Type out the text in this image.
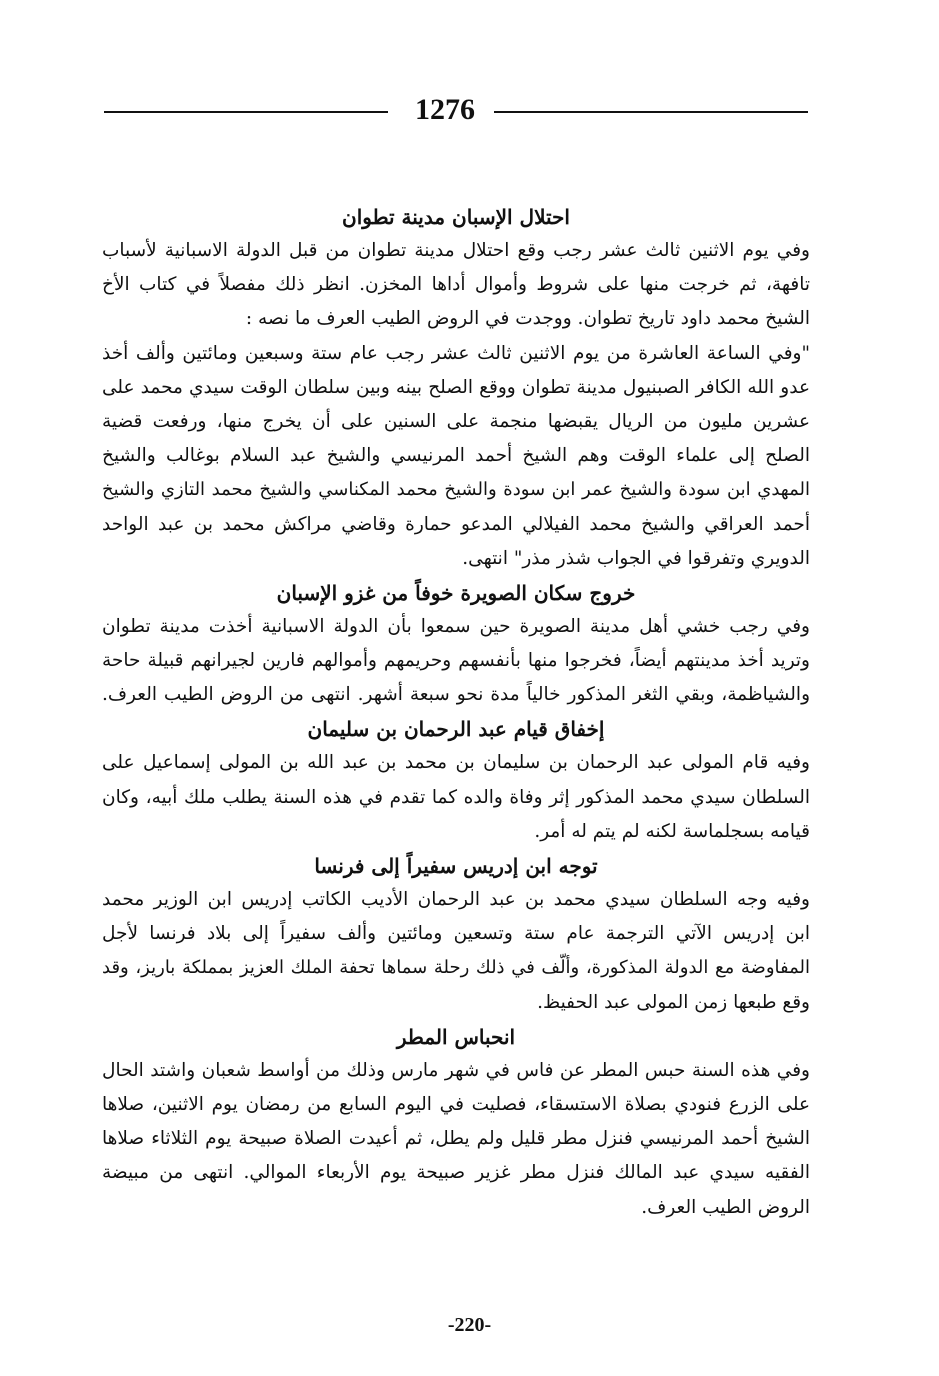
1276
احتلال الإسبان مدينة تطوان

وفي يوم الاثنين ثالث عشر رجب وقع احتلال مدينة تطوان من قبل الدولة الاسبانية لأسباب

تافهة، ثم خرجت منها على شروط وأموال أداها المخزن. انظر ذلك مفصلاً في كتاب الأخ

الشيخ محمد داود تاريخ تطوان. ووجدت في الروض الطيب العرف ما نصه :

"وفي الساعة العاشرة من يوم الاثنين ثالث عشر رجب عام ستة وسبعين ومائتين وألف أخذ

عدو الله الكافر الصبنيول مدينة تطوان ووقع الصلح بينه وبين سلطان الوقت سيدي محمد على

عشرين مليون من الريال يقبضها منجمة على السنين على أن يخرج منها، ورفعت قضية

الصلح إلى علماء الوقت وهم الشيخ أحمد المرنيسي والشيخ عبد السلام بوغالب والشيخ

المهدي ابن سودة والشيخ عمر ابن سودة والشيخ محمد المكناسي والشيخ محمد التازي والشيخ

أحمد العراقي والشيخ محمد الفيلالي المدعو حمارة وقاضي مراكش محمد بن عبد الواحد

الدويري وتفرقوا في الجواب شذر مذر" انتهى.

خروج سكان الصويرة خوفاً من غزو الإسبان

وفي رجب خشي أهل مدينة الصويرة حين سمعوا بأن الدولة الاسبانية أخذت مدينة تطوان

وتريد أخذ مدينتهم أيضاً، فخرجوا منها بأنفسهم وحريمهم وأموالهم فارين لجيرانهم قبيلة حاحة

والشياظمة، وبقي الثغر المذكور خالياً مدة نحو سبعة أشهر. انتهى من الروض الطيب العرف.

إخفاق قيام عبد الرحمان بن سليمان

وفيه قام المولى عبد الرحمان بن سليمان بن محمد بن عبد الله بن المولى إسماعيل على

السلطان سيدي محمد المذكور إثر وفاة والده كما تقدم في هذه السنة يطلب ملك أبيه، وكان

قيامه بسجلماسة لكنه لم يتم له أمر.

توجه ابن إدريس سفيراً إلى فرنسا

وفيه وجه السلطان سيدي محمد بن عبد الرحمان الأديب الكاتب إدريس ابن الوزير محمد

ابن إدريس الآتي الترجمة عام ستة وتسعين ومائتين وألف سفيراً إلى بلاد فرنسا لأجل

المفاوضة مع الدولة المذكورة، وألّف في ذلك رحلة سماها تحفة الملك العزيز بمملكة باريز، وقد

وقع طبعها زمن المولى عبد الحفيظ.

انحباس المطر

وفي هذه السنة حبس المطر عن فاس في شهر مارس وذلك من أواسط شعبان واشتد الحال

على الزرع فنودي بصلاة الاستسقاء، فصليت في اليوم السابع من رمضان يوم الاثنين، صلاها

الشيخ أحمد المرنيسي فنزل مطر قليل ولم يطل، ثم أعيدت الصلاة صبيحة يوم الثلاثاء صلاها

الفقيه سيدي عبد المالك فنزل مطر غزير صبيحة يوم الأربعاء الموالي. انتهى من مبيضة

الروض الطيب العرف.

-220-
